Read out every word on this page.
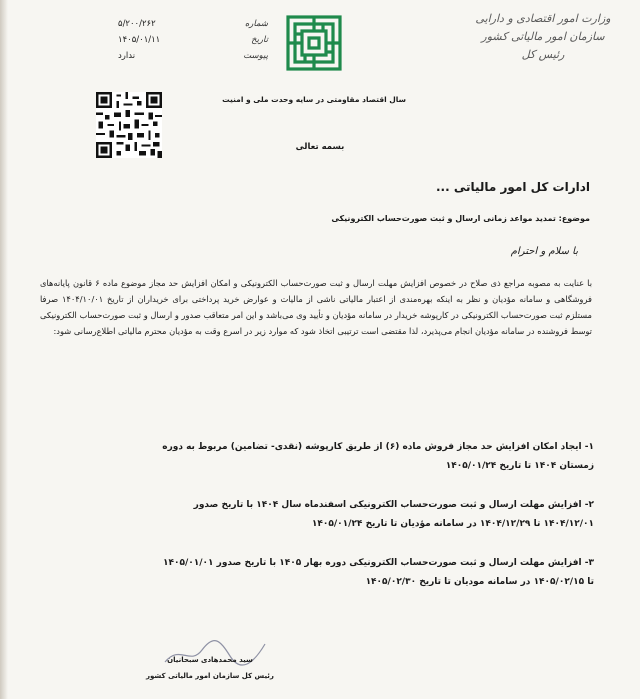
وزارت امور اقتصادی و دارایی
سازمان امور مالیاتی کشور
رئیس کل
سال اقتصاد مقاومتی در سایه وحدت ملی و امنیت
بسمه تعالی
شماره
۵/۲۰۰/۲۶۲
تاریخ
۱۴۰۵/۰۱/۱۱
پیوست
ندارد
ادارات کل امور مالیاتی ...
موضوع: تمدید مواعد زمانی ارسال و ثبت صورت‌حساب الکترونیکی
با سلام و احترام
با عنایت به مصوبه مراجع ذی صلاح در خصوص افزایش مهلت ارسال و ثبت صورت‌حساب الکترونیکی و امکان افزایش حد مجاز موضوع ماده ۶ قانون پایانه‌های فروشگاهی و سامانه مؤدیان و نظر به اینکه بهره‌مندی از اعتبار مالیاتی ناشی از مالیات و عوارض خرید پرداختی برای خریداران از تاریخ ۱۴۰۴/۱۰/۰۱ صرفا مستلزم ثبت صورت‌حساب الکترونیکی در کارپوشه خریدار در سامانه مؤدیان و تأیید وی می‌باشد و این امر متعاقب صدور و ارسال و ثبت صورت‌حساب الکترونیکی توسط فروشنده در سامانه مؤدیان انجام می‌پذیرد، لذا مقتضی است ترتیبی اتخاذ شود که موارد زیر در اسرع وقت به مؤدیان محترم مالیاتی اطلاع‌رسانی شود:
۱- ایجاد امکان افزایش حد مجاز فروش ماده (۶) از طریق کارپوشه (نقدی- تضامین) مربوط به دوره
زمستان ۱۴۰۴ تا تاریخ ۱۴۰۵/۰۱/۲۴
۲- افزایش مهلت ارسال و ثبت صورت‌حساب الکترونیکی اسفندماه سال ۱۴۰۴ با تاریخ صدور
۱۴۰۴/۱۲/۰۱ تا ۱۴۰۴/۱۲/۲۹ در سامانه مؤدیان تا تاریخ ۱۴۰۵/۰۱/۲۴
۳- افزایش مهلت ارسال و ثبت صورت‌حساب الکترونیکی دوره بهار ۱۴۰۵ با تاریخ صدور ۱۴۰۵/۰۱/۰۱
تا ۱۴۰۵/۰۲/۱۵ در سامانه مودیان تا تاریخ ۱۴۰۵/۰۲/۳۰
سید محمدهادی سبحانیان
رئیس کل سازمان امور مالیاتی کشور
